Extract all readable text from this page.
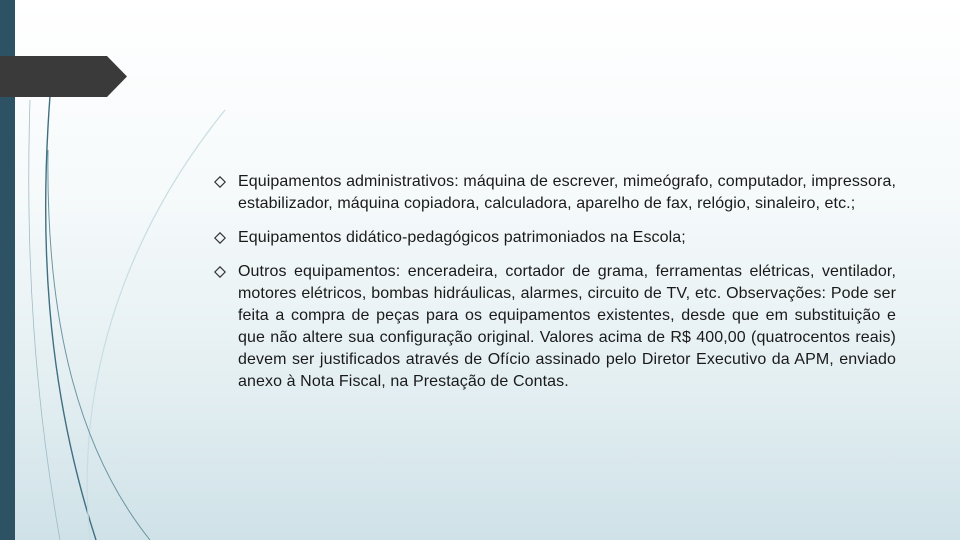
Equipamentos administrativos: máquina de escrever, mimeógrafo, computador, impressora, estabilizador, máquina copiadora, calculadora, aparelho de fax, relógio, sinaleiro, etc.;
Equipamentos didático-pedagógicos patrimoniados na Escola;
Outros equipamentos: enceradeira, cortador de grama, ferramentas elétricas, ventilador, motores elétricos, bombas hidráulicas, alarmes, circuito de TV, etc. Observações: Pode ser feita a compra de peças para os equipamentos existentes, desde que em substituição e que não altere sua configuração original. Valores acima de R$ 400,00 (quatrocentos reais) devem ser justificados através de Ofício assinado pelo Diretor Executivo da APM, enviado anexo à Nota Fiscal, na Prestação de Contas.
